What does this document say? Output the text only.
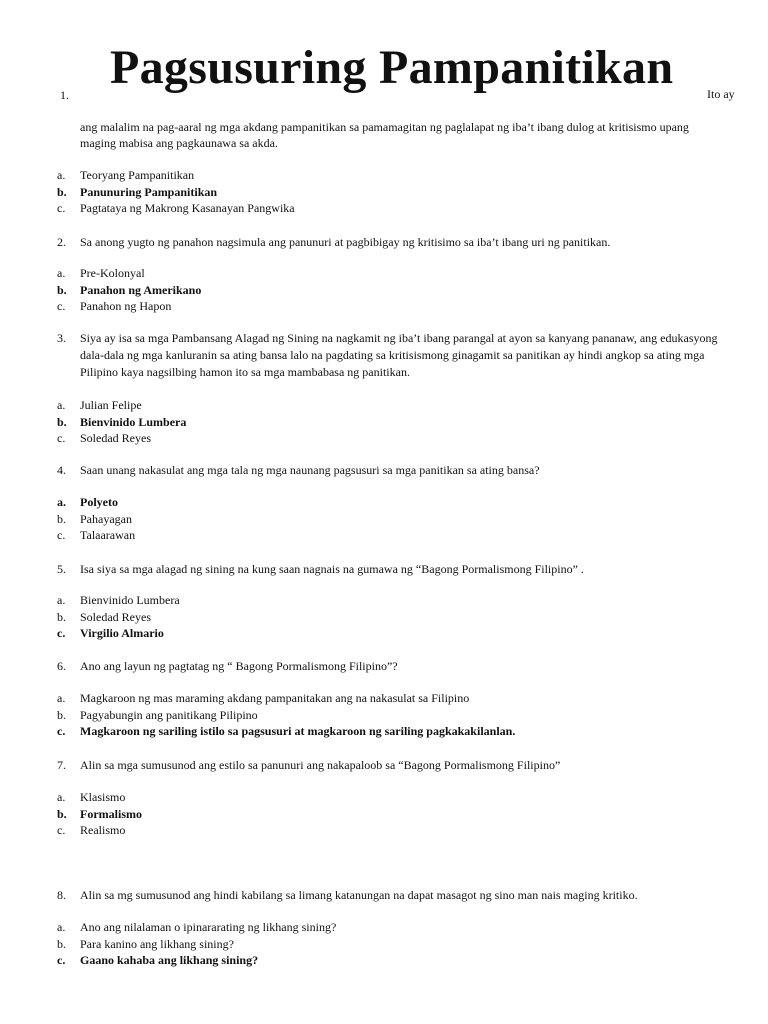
Pagsusuring Pampanitikan
1.	Ito ay
ang malalim na pag-aaral ng mga akdang pampanitikan sa pamamagitan ng paglalapat ng iba’t ibang dulog at kritisismo upang maging mabisa ang pagkaunawa sa akda.
a. Teoryang Pampanitikan
b. Panunuring Pampanitikan
c. Pagtataya ng Makrong Kasanayan Pangwika
2. Sa anong yugto ng panahon nagsimula ang panunuri at pagbibigay ng kritisimo sa iba’t ibang uri ng panitikan.
a. Pre-Kolonyal
b. Panahon ng Amerikano
c. Panahon ng Hapon
3. Siya ay isa sa mga Pambansang Alagad ng Sining na nagkamit ng iba’t ibang parangal at ayon sa kanyang pananaw, ang edukasyong dala-dala ng mga kanluranin sa ating bansa lalo na pagdating sa kritisismong ginagamit sa panitikan ay hindi angkop sa ating mga Pilipino kaya nagsilbing hamon ito sa mga mambabasa ng panitikan.
a. Julian Felipe
b. Bienvinido Lumbera
c. Soledad Reyes
4. Saan unang nakasulat ang mga tala ng mga naunang pagsusuri sa mga panitikan sa ating bansa?
a. Polyeto
b. Pahayagan
c. Talaarawan
5. Isa siya sa mga alagad ng sining na kung saan nagnais na gumawa ng “Bagong Pormalismong Filipino” .
a. Bienvinido Lumbera
b. Soledad Reyes
c. Virgilio Almario
6. Ano ang layun ng pagtatag ng “ Bagong Pormalismong Filipino”?
a. Magkaroon ng mas maraming akdang pampanitakan ang na nakasulat sa Filipino
b. Pagyabungin ang panitikang Pilipino
c. Magkaroon ng sariling istilo sa pagsusuri at magkaroon ng sariling pagkakakilanlan.
7. Alin sa mga sumusunod ang estilo sa panunuri ang nakapaloob sa “Bagong Pormalismong Filipino”
a. Klasismo
b. Formalismo
c. Realismo
8. Alin sa mg sumusunod ang hindi kabilang sa limang katanungan na dapat masagot ng sino man nais maging kritiko.
a. Ano ang nilalaman o ipinararating ng likhang sining?
b. Para kanino ang likhang sining?
c. Gaano kahaba ang likhang sining?
